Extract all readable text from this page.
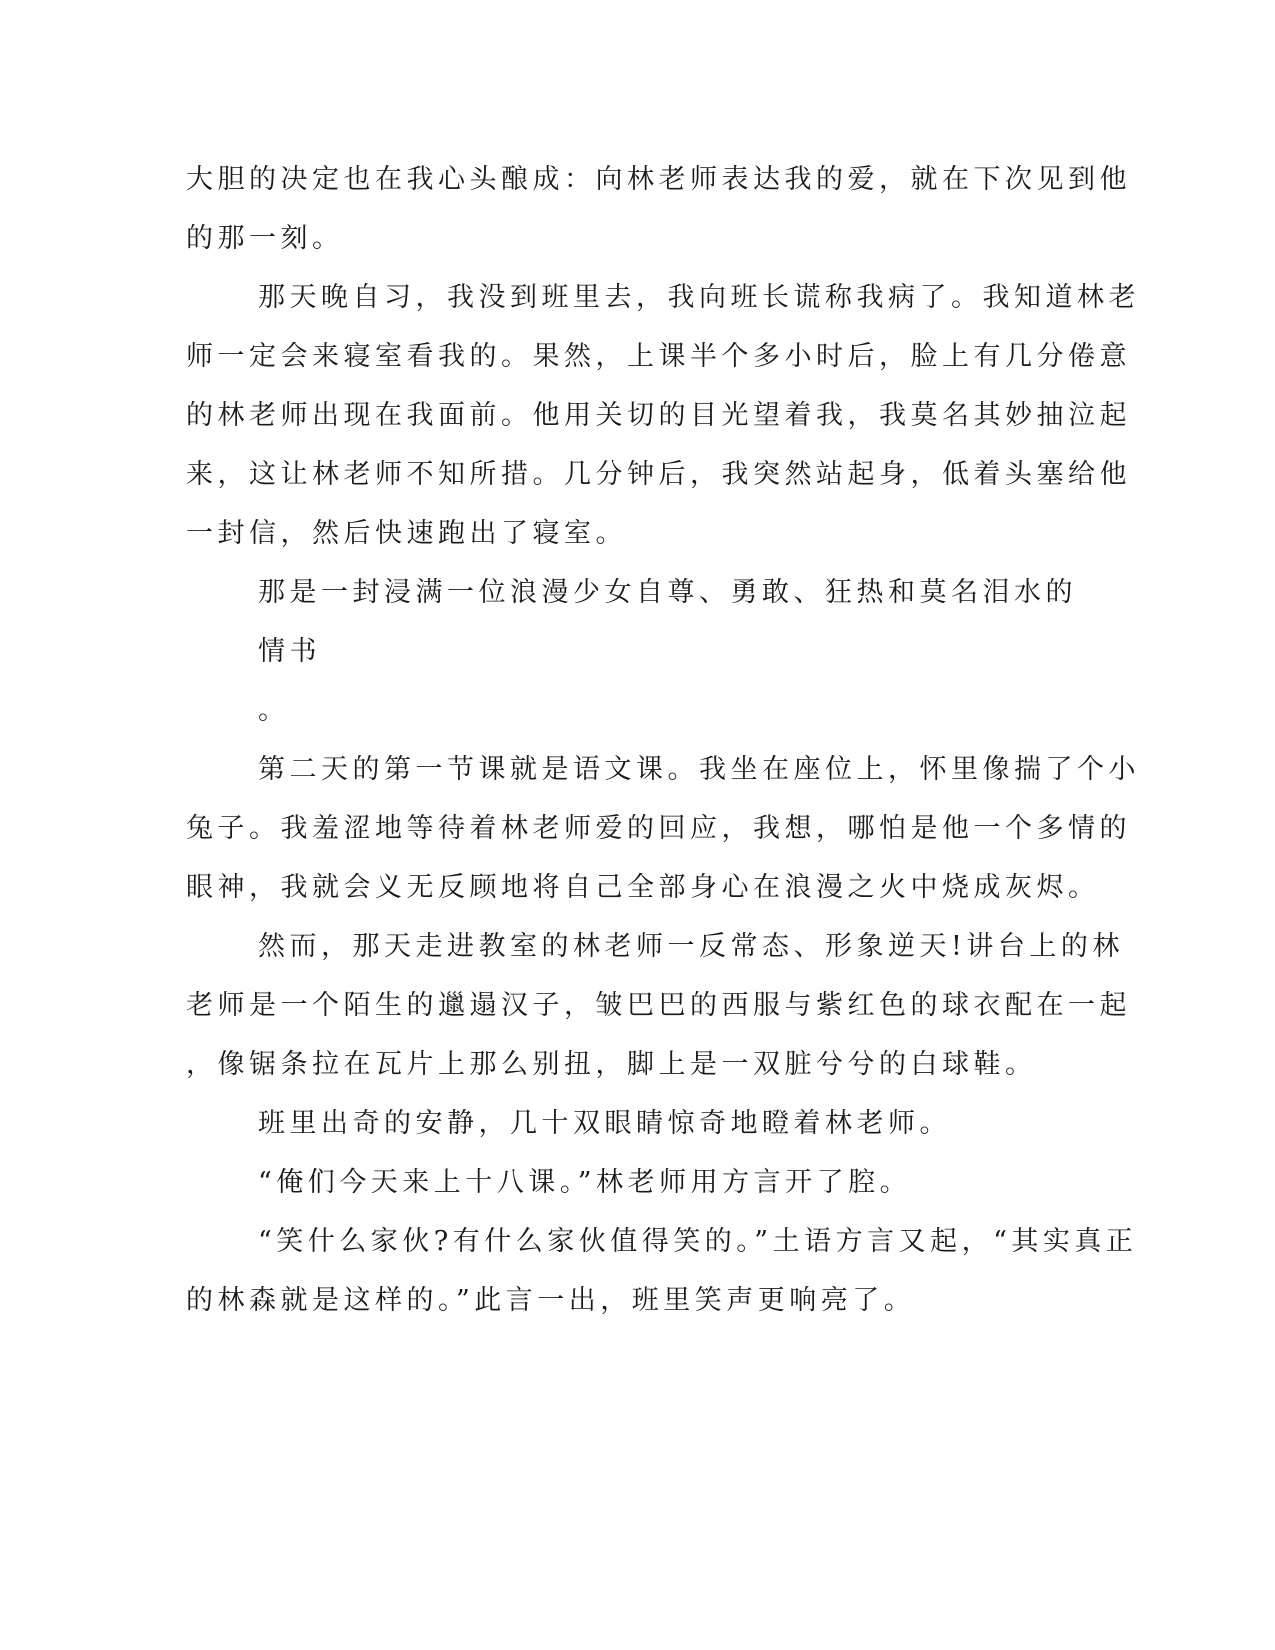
大胆的决定也在我心头酿成：向林老师表达我的爱，就在下次见到他

的那一刻。

那天晚自习，我没到班里去，我向班长谎称我病了。我知道林老

师一定会来寝室看我的。果然，上课半个多小时后，脸上有几分倦意

的林老师出现在我面前。他用关切的目光望着我，我莫名其妙抽泣起

来，这让林老师不知所措。几分钟后，我突然站起身，低着头塞给他

一封信，然后快速跑出了寝室。

那是一封浸满一位浪漫少女自尊、勇敢、狂热和莫名泪水的

情书

。

第二天的第一节课就是语文课。我坐在座位上，怀里像揣了个小

兔子。我羞涩地等待着林老师爱的回应，我想，哪怕是他一个多情的

眼神，我就会义无反顾地将自己全部身心在浪漫之火中烧成灰烬。

然而，那天走进教室的林老师一反常态、形象逆天!讲台上的林

老师是一个陌生的邋遢汉子，皱巴巴的西服与紫红色的球衣配在一起

，像锯条拉在瓦片上那么别扭，脚上是一双脏兮兮的白球鞋。

班里出奇的安静，几十双眼睛惊奇地瞪着林老师。

“俺们今天来上十八课。”林老师用方言开了腔。

“笑什么家伙?有什么家伙值得笑的。”土语方言又起，“其实真正

的林森就是这样的。”此言一出，班里笑声更响亮了。
